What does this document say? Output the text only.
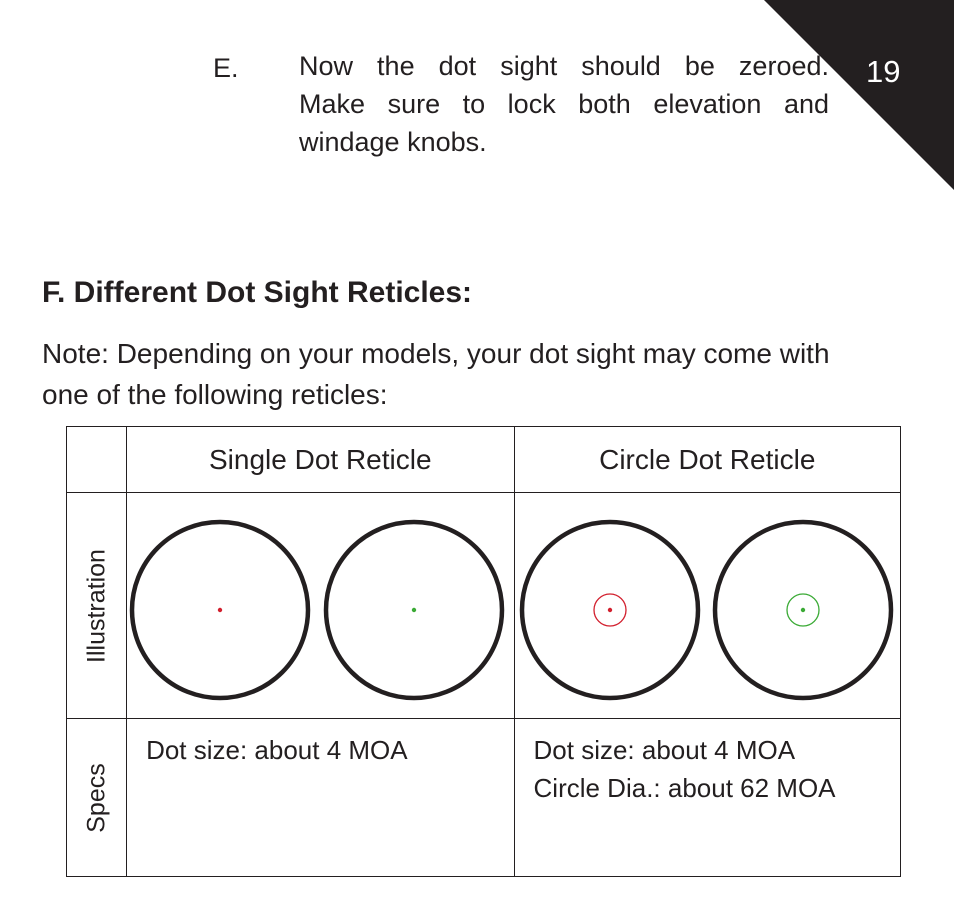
19
E. Now the dot sight should be zeroed.
Make sure to lock both elevation and
windage knobs.
F. Different Dot Sight Reticles:
Note: Depending on your models, your dot sight may come with
one of the following reticles:
	Single Dot Reticle	Circle Dot Reticle

Illustration

Specs	Dot size: about 4 MOA	Dot size: about 4 MOA
Circle Dia.: about 62 MOA
